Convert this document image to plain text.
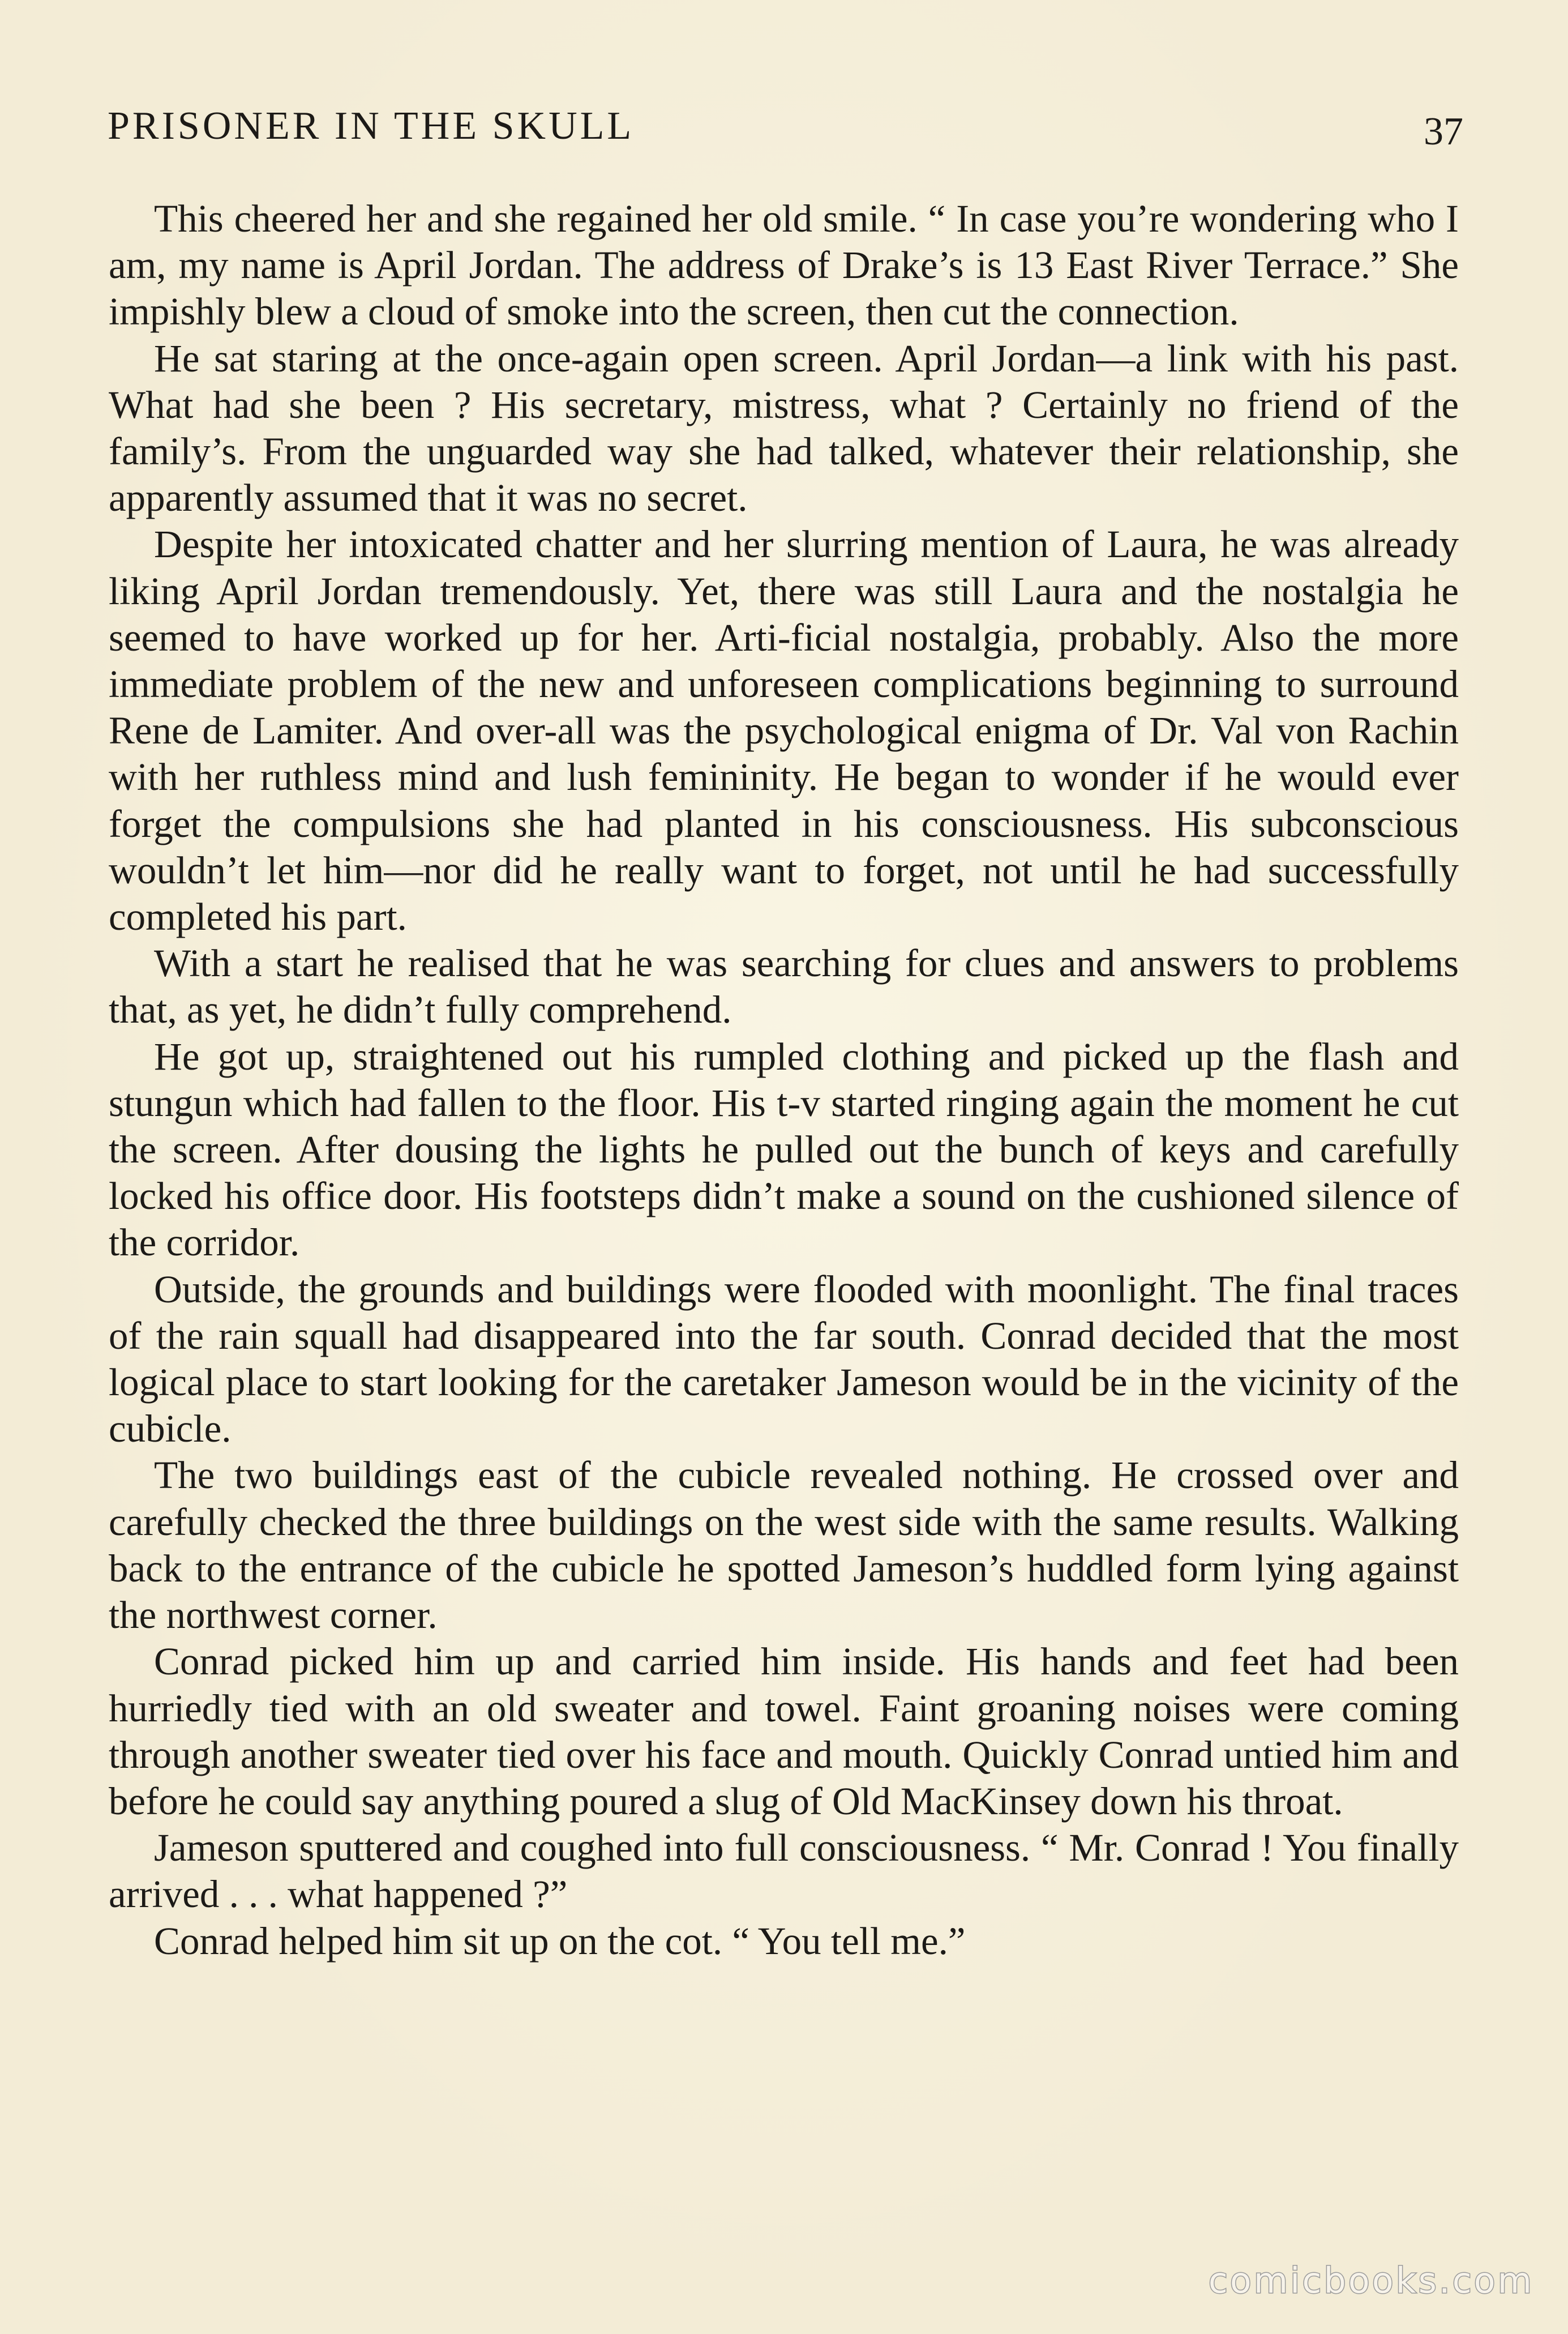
PRISONER IN THE SKULL	37

This cheered her and she regained her old smile. “ In case you’re wondering who I am, my name is April Jordan. The address of Drake’s is 13 East River Terrace.” She impishly blew a cloud of smoke into the screen, then cut the connection.

He sat staring at the once-again open screen. April Jordan—a link with his past. What had she been ? His secretary, mistress, what ? Certainly no friend of the family’s. From the unguarded way she had talked, whatever their relationship, she apparently assumed that it was no secret.

Despite her intoxicated chatter and her slurring mention of Laura, he was already liking April Jordan tremendously. Yet, there was still Laura and the nostalgia he seemed to have worked up for her. Arti-ficial nostalgia, probably. Also the more immediate problem of the new and unforeseen complications beginning to surround Rene de Lamiter. And over-all was the psychological enigma of Dr. Val von Rachin with her ruthless mind and lush femininity. He began to wonder if he would ever forget the compulsions she had planted in his consciousness. His subconscious wouldn’t let him—nor did he really want to forget, not until he had successfully completed his part.

With a start he realised that he was searching for clues and answers to problems that, as yet, he didn’t fully comprehend.

He got up, straightened out his rumpled clothing and picked up the flash and stungun which had fallen to the floor. His t-v started ringing again the moment he cut the screen. After dousing the lights he pulled out the bunch of keys and carefully locked his office door. His footsteps didn’t make a sound on the cushioned silence of the corridor.

Outside, the grounds and buildings were flooded with moonlight. The final traces of the rain squall had disappeared into the far south. Conrad decided that the most logical place to start looking for the caretaker Jameson would be in the vicinity of the cubicle.

The two buildings east of the cubicle revealed nothing. He crossed over and carefully checked the three buildings on the west side with the same results. Walking back to the entrance of the cubicle he spotted Jameson’s huddled form lying against the northwest corner.

Conrad picked him up and carried him inside. His hands and feet had been hurriedly tied with an old sweater and towel. Faint groaning noises were coming through another sweater tied over his face and mouth. Quickly Conrad untied him and before he could say anything poured a slug of Old MacKinsey down his throat.

Jameson sputtered and coughed into full consciousness. “ Mr. Conrad ! You finally arrived . . . what happened ?”

Conrad helped him sit up on the cot. “ You tell me.”

comicbooks.com
